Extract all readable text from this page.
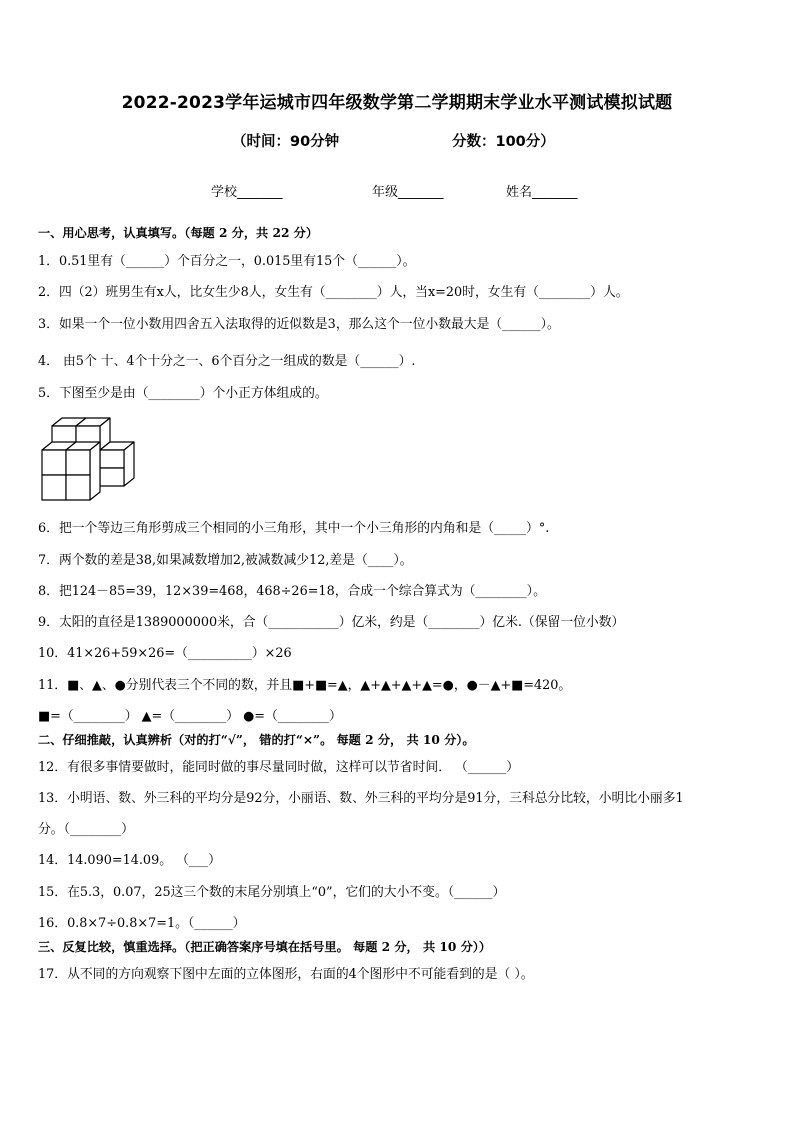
2022-2023学年运城市四年级数学第二学期期末学业水平测试模拟试题
（时间：90分钟	分数：100分）
学校_______	年级_______	姓名_______
一、用心思考，认真填写。（每题 2 分，共 22 分）
1．0.51里有（______）个百分之一，0.015里有15个（______）。
2．四（2）班男生有x人，比女生少8人，女生有（________）人，当x=20时，女生有（________）人。
3．如果一个一位小数用四舍五入法取得的近似数是3，那么这个一位小数最大是（______）。
4． 由5个 十、4个十分之一、6个百分之一组成的数是（______）.
5．下图至少是由（________）个小正方体组成的。
6．把一个等边三角形剪成三个相同的小三角形，其中一个小三角形的内角和是（_____）°.
7．两个数的差是38,如果减数增加2,被减数减少12,差是（____）。
8．把124－85=39，12×39=468，468÷26=18，合成一个综合算式为（________）。
9．太阳的直径是1389000000米，合（___________）亿米，约是（________）亿米.（保留一位小数）
10．41×26+59×26=（__________）×26
11．■、▲、●分别代表三个不同的数，并且■+■=▲，▲+▲+▲+▲=●，●－▲+■=420。
■=（________） ▲=（________） ●=（________）
二、仔细推敲，认真辨析（对的打“√”， 错的打“×”。 每题 2 分， 共 10 分）。
12．有很多事情要做时，能同时做的事尽量同时做，这样可以节省时间． （______）
13．小明语、数、外三科的平均分是92分，小丽语、数、外三科的平均分是91分，三科总分比较，小明比小丽多1
分。（________）
14．14.090=14.09。 （___）
15．在5.3，0.07，25这三个数的末尾分别填上“0”，它们的大小不变。（______）
16．0.8×7÷0.8×7=1。（______）
三、反复比较，慎重选择。（把正确答案序号填在括号里。 每题 2 分， 共 10 分））
17．从不同的方向观察下图中左面的立体图形，右面的4个图形中不可能看到的是（ ）。
